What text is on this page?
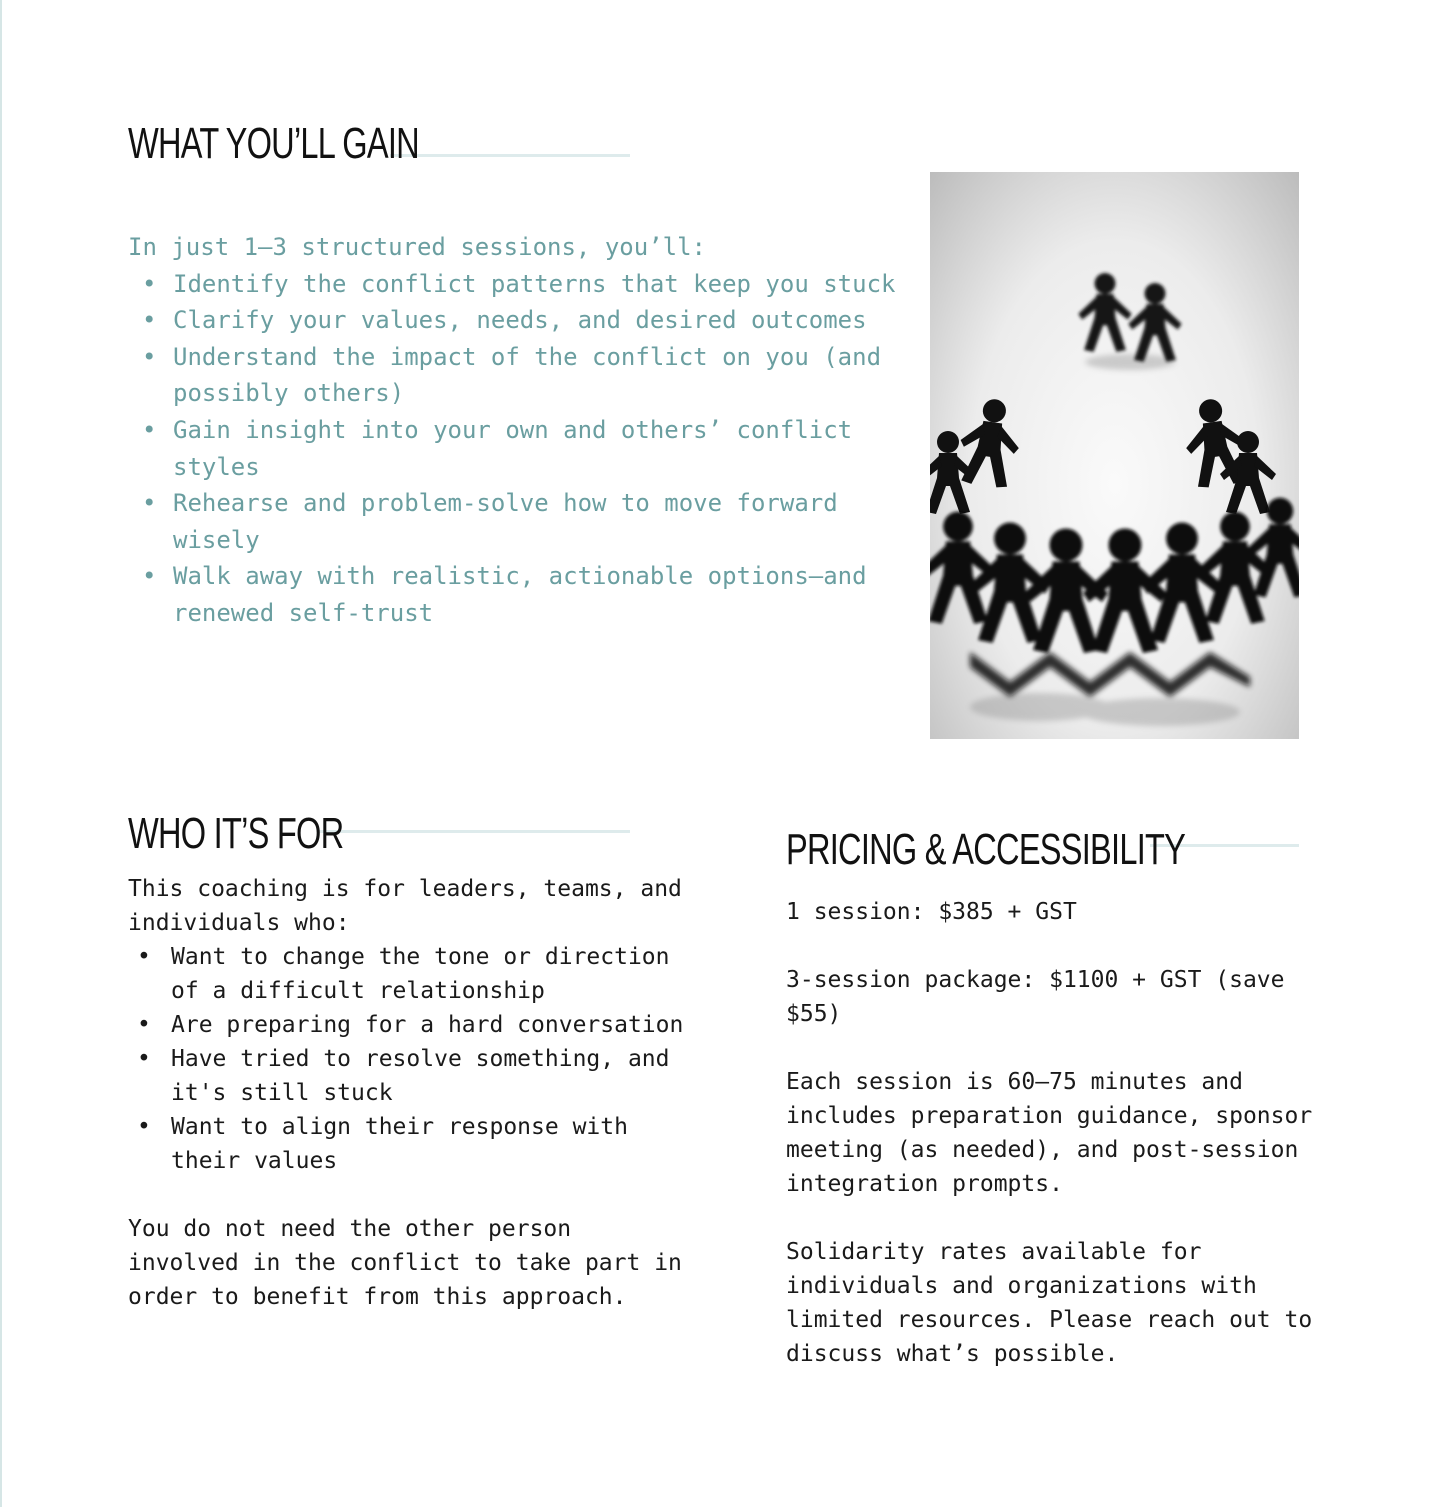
WHAT YOU’LL GAIN

In just 1–3 structured sessions, you’ll:

• Identify the conflict patterns that keep you stuck
• Clarify your values, needs, and desired outcomes
• Understand the impact of the conflict on you (and possibly others)
• Gain insight into your own and others’ conflict styles
• Rehearse and problem-solve how to move forward wisely
• Walk away with realistic, actionable options—and renewed self-trust
WHO IT’S FOR

This coaching is for leaders, teams, and individuals who:

• Want to change the tone or direction of a difficult relationship
• Are preparing for a hard conversation
• Have tried to resolve something, and it's still stuck
• Want to align their response with their values

You do not need the other person involved in the conflict to take part in order to benefit from this approach.

PRICING & ACCESSIBILITY

1 session: $385 + GST

3-session package: $1100 + GST (save $55)

Each session is 60–75 minutes and includes preparation guidance, sponsor meeting (as needed), and post-session integration prompts.

Solidarity rates available for individuals and organizations with limited resources. Please reach out to discuss what’s possible.
